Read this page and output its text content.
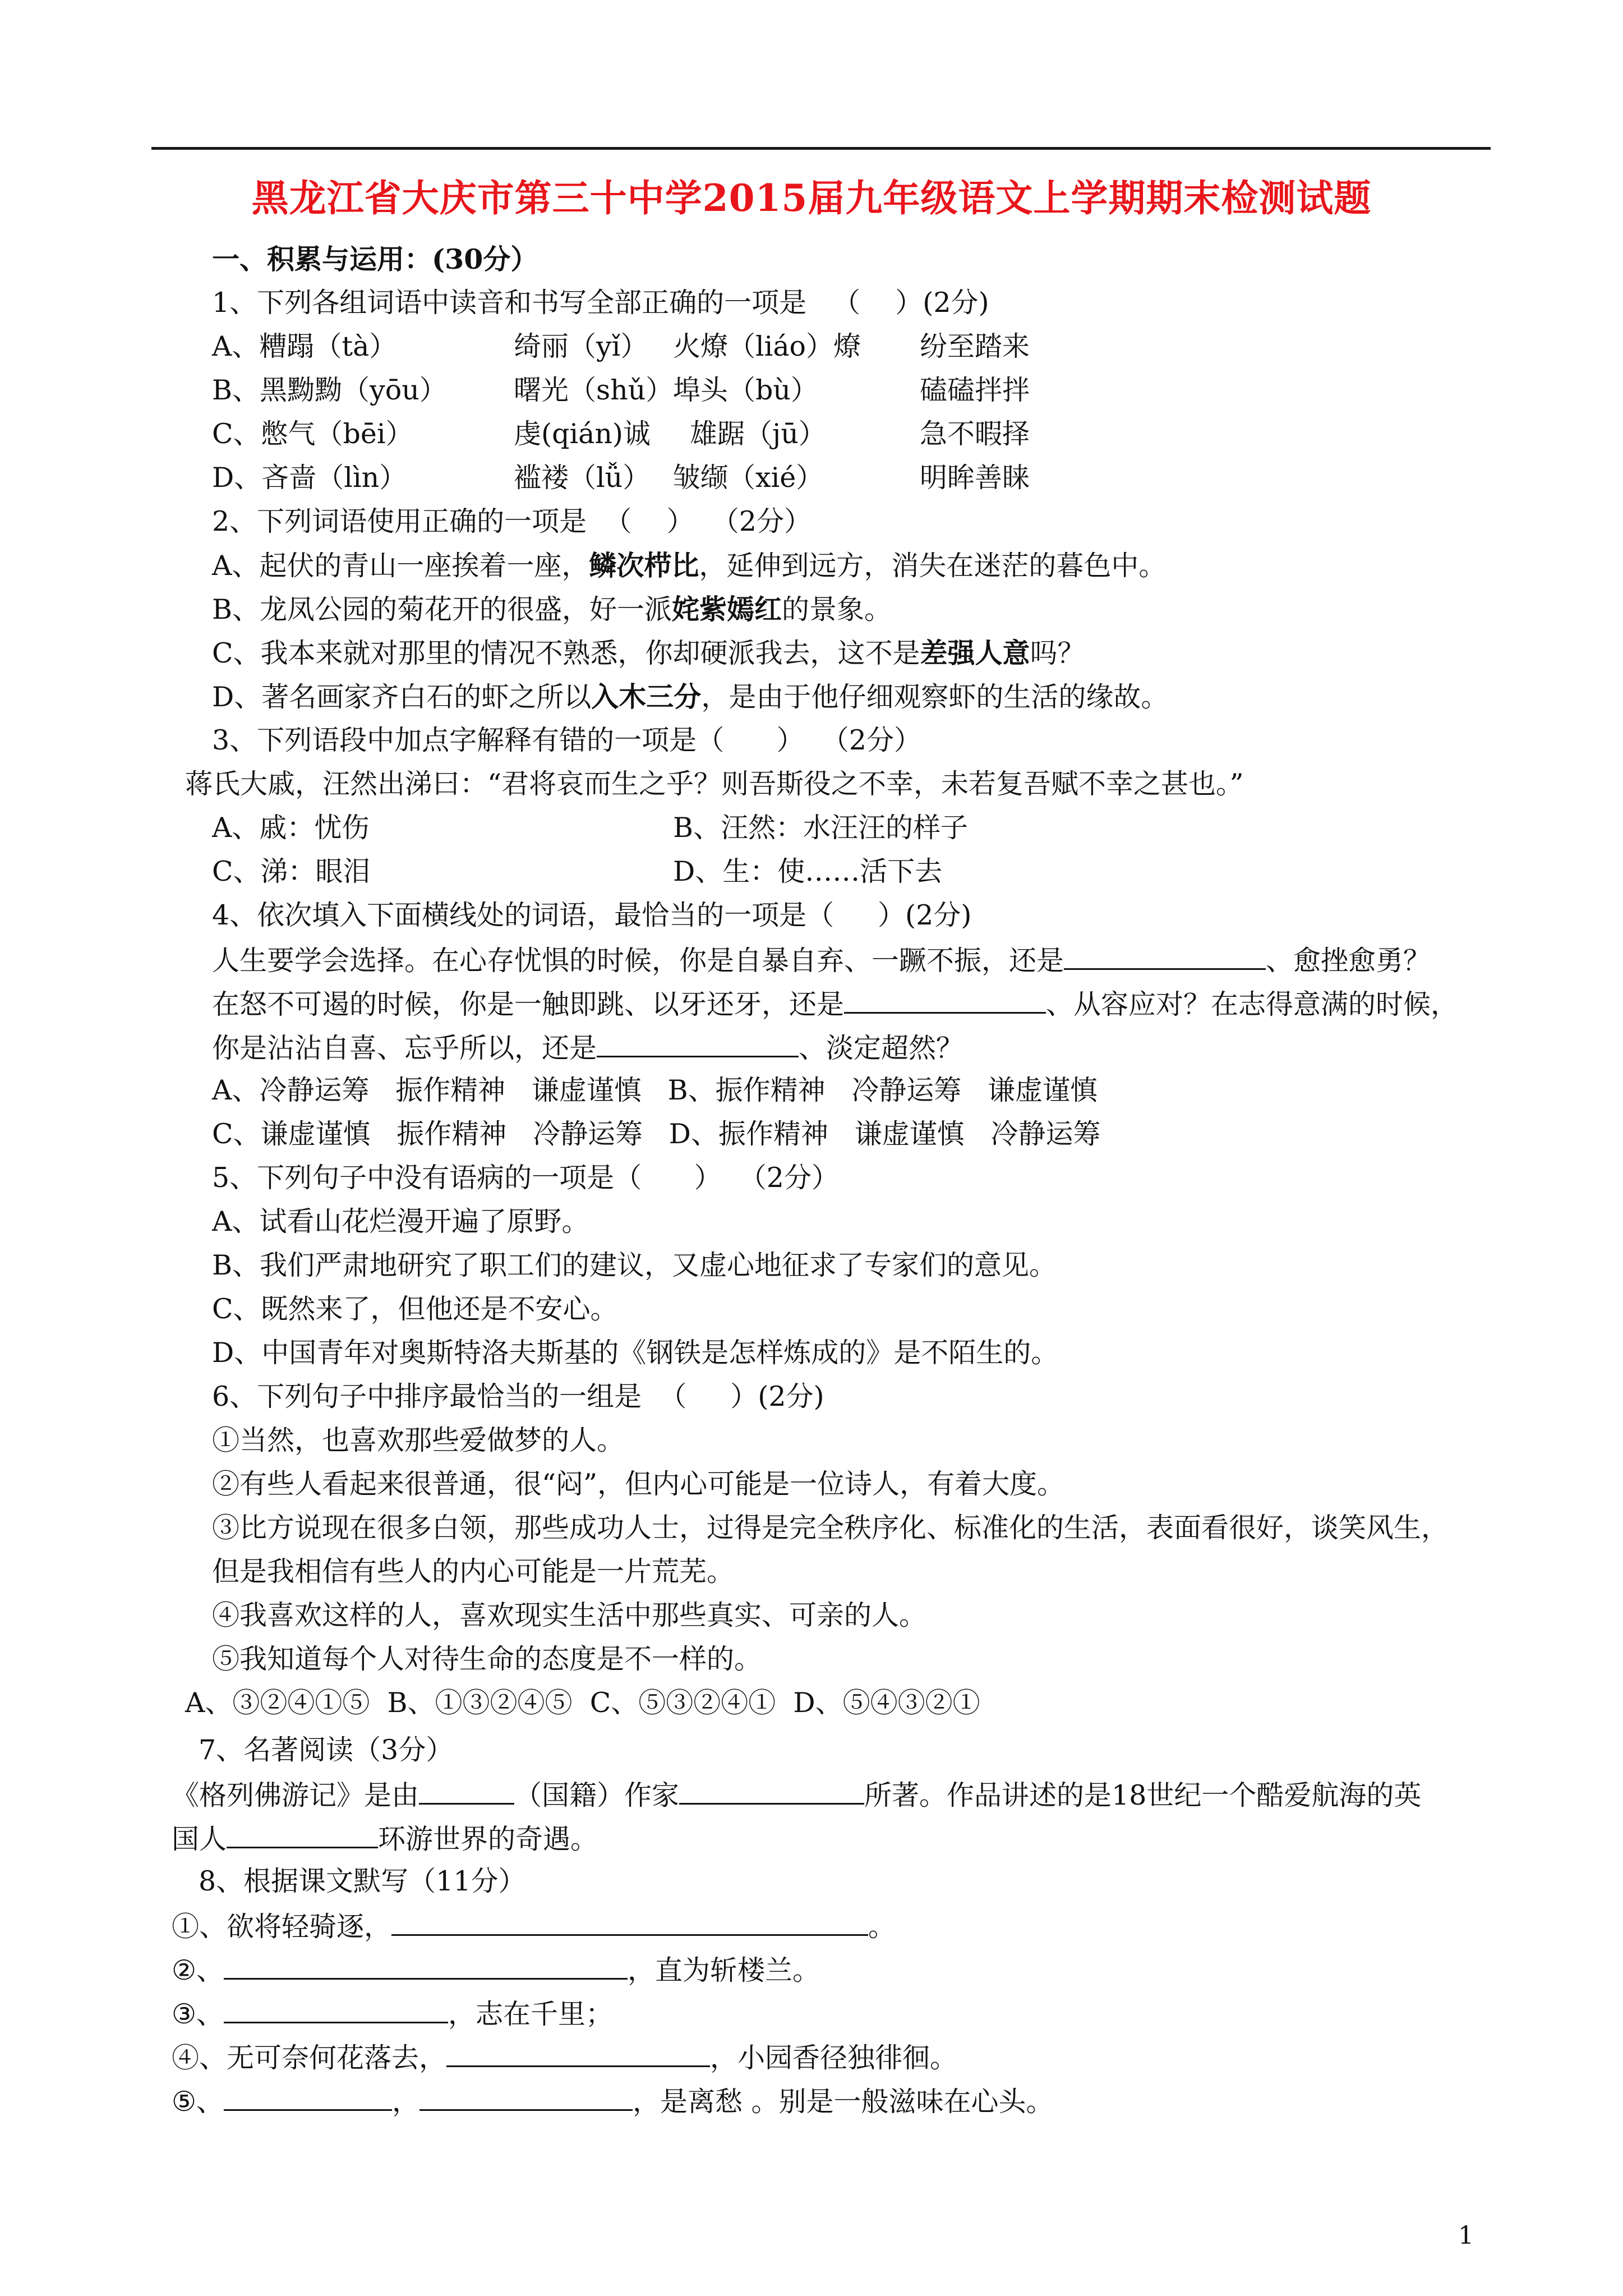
黑龙江省大庆市第三十中学2015届九年级语文上学期期末检测试题
一、积累与运用：(30分）
1、下列各组词语中读音和书写全部正确的一项是   （    ）(2分)
A、糟蹋（tà）	绮丽（yǐ） 火燎（liáo）燎 纷至踏来
B、黑黝黝（yōu） 曙光（shǔ） 埠头（bù）	磕磕拌拌
C、憋气（bēi）	虔(qián)诚 雄踞（jū）	急不暇择
D、吝啬（lìn）	褴褛（lǚ） 皱缬（xié）	明眸善睐
2、下列词语使用正确的一项是  （    ）  （2分）
A、起伏的青山一座挨着一座，鳞次栉比，延伸到远方，消失在迷茫的暮色中。
B、龙凤公园的菊花开的很盛，好一派姹紫嫣红的景象。
C、我本来就对那里的情况不熟悉，你却硬派我去，这不是差强人意吗？
D、著名画家齐白石的虾之所以入木三分，是由于他仔细观察虾的生活的缘故。
3、下列语段中加点字解释有错的一项是（      ）  （2分）
蒋氏大戚，汪然出涕曰：“君将哀而生之乎？则吾斯役之不幸，未若复吾赋不幸之甚也。”
A、戚：忧伤	B、汪然：水汪汪的样子
C、涕：眼泪	D、生：使……活下去
4、依次填入下面横线处的词语，最恰当的一项是（     ）(2分)
人生要学会选择。在心存忧惧的时候，你是自暴自弃、一蹶不振，还是	、愈挫愈勇？
在怒不可遏的时候，你是一触即跳、以牙还牙，还是	、从容应对？在志得意满的时候，
你是沾沾自喜、忘乎所以，还是	、淡定超然？
A、冷静运筹   振作精神   谦虚谨慎   B、振作精神   冷静运筹   谦虚谨慎
C、谦虚谨慎   振作精神   冷静运筹   D、振作精神   谦虚谨慎   冷静运筹
5、下列句子中没有语病的一项是（      ）  （2分）
A、试看山花烂漫开遍了原野。
B、我们严肃地研究了职工们的建议，又虚心地征求了专家们的意见。
C、既然来了，但他还是不安心。
D、中国青年对奥斯特洛夫斯基的《钢铁是怎样炼成的》是不陌生的。
6、下列句子中排序最恰当的一组是  （     ）(2分)
①当然，也喜欢那些爱做梦的人。
②有些人看起来很普通，很“闷”，但内心可能是一位诗人，有着大度。
③比方说现在很多白领，那些成功人士，过得是完全秩序化、标准化的生活，表面看很好，谈笑风生，
但是我相信有些人的内心可能是一片荒芜。
④我喜欢这样的人，喜欢现实生活中那些真实、可亲的人。
⑤我知道每个人对待生命的态度是不一样的。
A、③②④①⑤  B、①③②④⑤  C、⑤③②④①  D、⑤④③②①
7、名著阅读（3分）
《格列佛游记》是由	（国籍）作家	所著。作品讲述的是18世纪一个酷爱航海的英
国人	环游世界的奇遇。
8、根据课文默写（11分）
①、欲将轻骑逐，	。
②、	，直为斩楼兰。
③、	，志在千里；
④、无可奈何花落去，	，小园香径独徘徊。
⑤、	，	，是离愁 。别是一般滋味在心头。
1
